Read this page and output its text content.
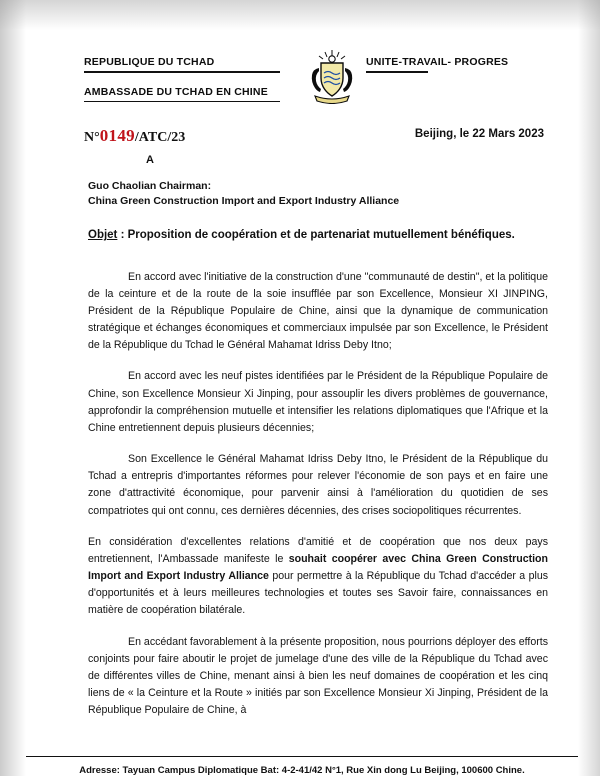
REPUBLIQUE DU TCHAD
AMBASSADE DU TCHAD EN CHINE
UNITE-TRAVAIL- PROGRES
N°0149/ATC/23	Beijing, le 22 Mars 2023
A
Guo Chaolian Chairman:
China Green Construction Import and Export Industry Alliance
Objet : Proposition de coopération et de partenariat mutuellement bénéfiques.

En accord avec l'initiative de la construction d'une "communauté de destin", et la politique de la ceinture et de la route de la soie insufflée par son Excellence, Monsieur XI JINPING, Président de la République Populaire de Chine, ainsi que la dynamique de communication stratégique et échanges économiques et commerciaux impulsée par son Excellence, le Président de la République du Tchad le Général Mahamat Idriss Deby Itno;

En accord avec les neuf pistes identifiées par le Président de la République Populaire de Chine, son Excellence Monsieur Xi Jinping, pour assouplir les divers problèmes de gouvernance, approfondir la compréhension mutuelle et intensifier les relations diplomatiques que l'Afrique et la Chine entretiennent depuis plusieurs décennies;

Son Excellence le Général Mahamat Idriss Deby Itno, le Président de la République du Tchad a entrepris d'importantes réformes pour relever l'économie de son pays et en faire une zone d'attractivité économique, pour parvenir ainsi à l'amélioration du quotidien de ses compatriotes qui ont connu, ces dernières décennies, des crises sociopolitiques récurrentes.

En considération d'excellentes relations d'amitié et de coopération que nos deux pays entretiennent, l'Ambassade manifeste le souhait coopérer avec China Green Construction Import and Export Industry Alliance pour permettre à la République du Tchad d'accéder a plus d'opportunités et à leurs meilleures technologies et toutes ses Savoir faire, connaissances en matière de coopération bilatérale.

En accédant favorablement à la présente proposition, nous pourrions déployer des efforts conjoints pour faire aboutir le projet de jumelage d'une des ville de la République du Tchad avec de différentes villes de Chine, menant ainsi à bien les neuf domaines de coopération et les cinq liens de « la Ceinture et la Route » initiés par son Excellence Monsieur Xi Jinping, Président de la République Populaire de Chine, à

Adresse: Tayuan Campus Diplomatique Bat: 4-2-41/42 N°1, Rue Xin dong Lu Beijing, 100600 Chine.
